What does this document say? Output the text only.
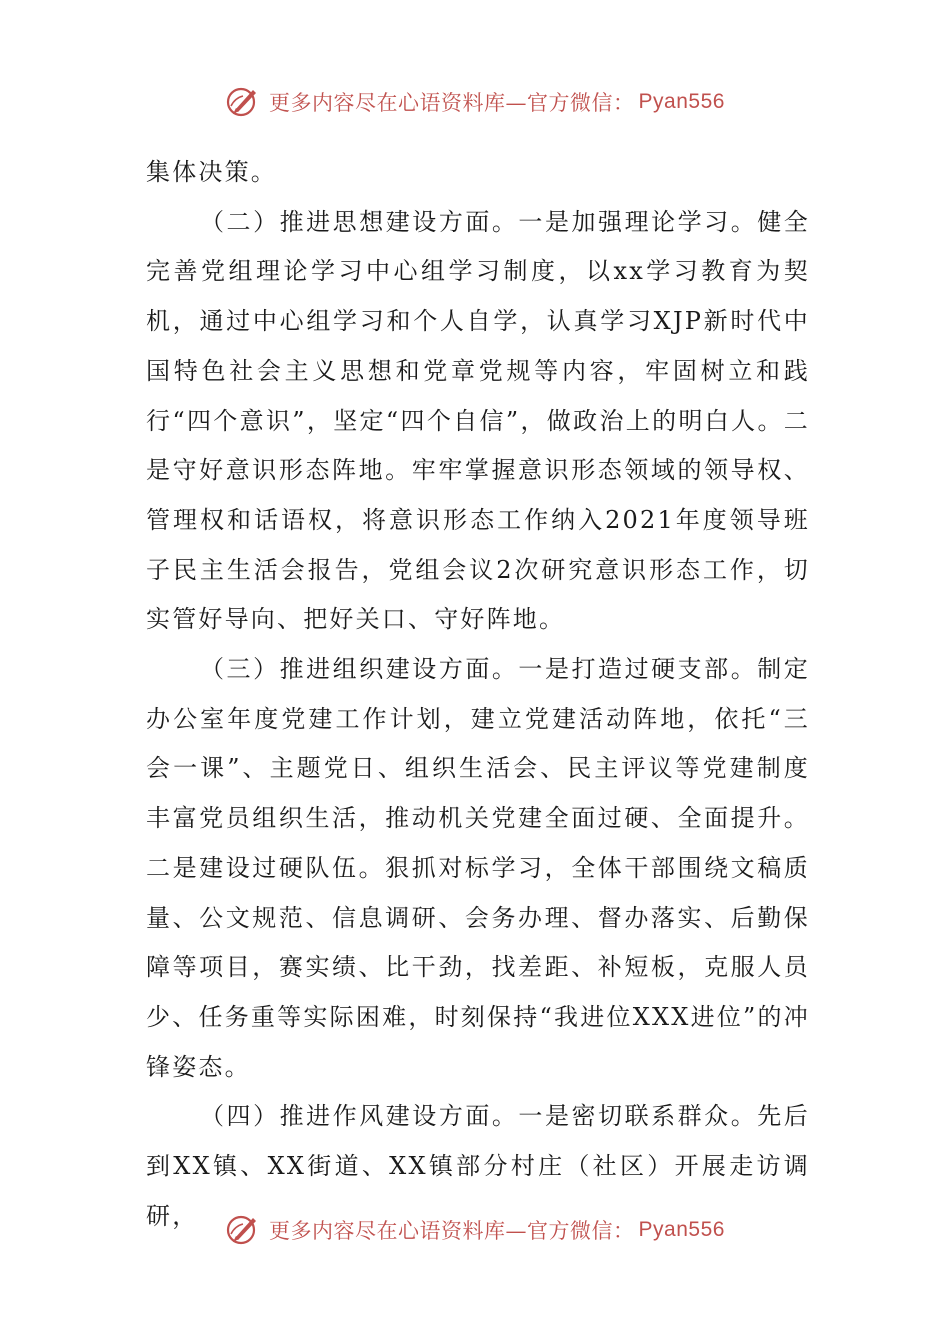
更多内容尽在心语资料库—官方微信： Pyan556

集体决策。

（二）推进思想建设方面。一是加强理论学习。健全完善党组理论学习中心组学习制度，以xx学习教育为契机，通过中心组学习和个人自学，认真学习XJP新时代中国特色社会主义思想和党章党规等内容，牢固树立和践行“四个意识”，坚定“四个自信”，做政治上的明白人。二是守好意识形态阵地。牢牢掌握意识形态领域的领导权、管理权和话语权，将意识形态工作纳入2021年度领导班子民主生活会报告，党组会议2次研究意识形态工作，切实管好导向、把好关口、守好阵地。

（三）推进组织建设方面。一是打造过硬支部。制定办公室年度党建工作计划，建立党建活动阵地，依托“三会一课”、主题党日、组织生活会、民主评议等党建制度丰富党员组织生活，推动机关党建全面过硬、全面提升。二是建设过硬队伍。狠抓对标学习，全体干部围绕文稿质量、公文规范、信息调研、会务办理、督办落实、后勤保障等项目，赛实绩、比干劲，找差距、补短板，克服人员少、任务重等实际困难，时刻保持“我进位XXX进位”的冲锋姿态。

（四）推进作风建设方面。一是密切联系群众。先后到XX镇、XX街道、XX镇部分村庄（社区）开展走访调研，

更多内容尽在心语资料库—官方微信： Pyan556
